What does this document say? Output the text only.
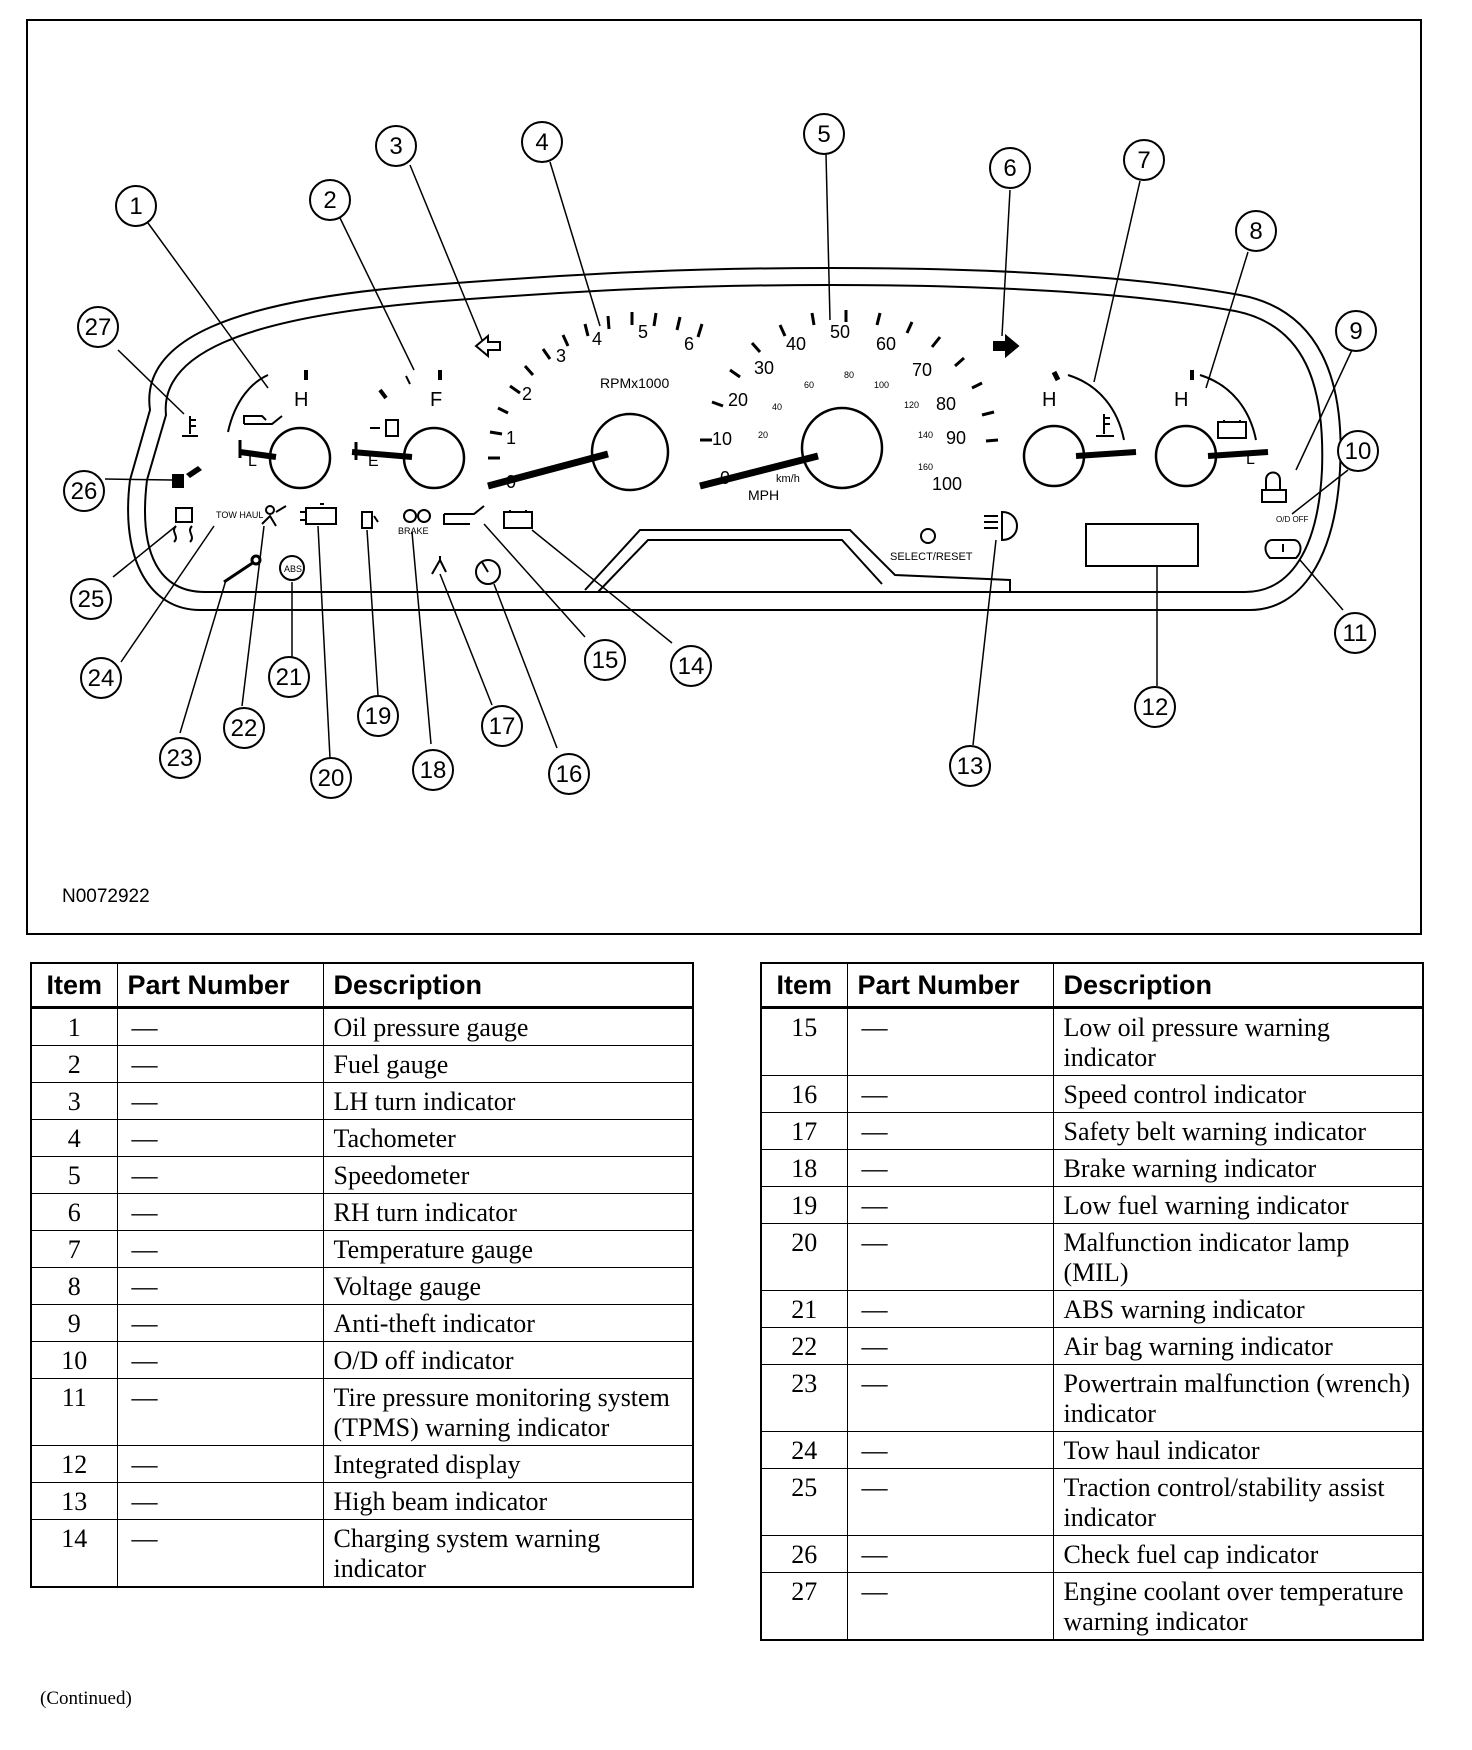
RPMx1000
0
1
2
3
4 5
6
MPH
km/h
0
10
20
30
40
50
60
70
80
90
100
20
40
60
80
100
120
140
160
H
L
F
E
H	H
L
TOW HAUL
ABS
BRAKE
SELECT/RESET
O/D OFF
1	2
3	4	5
6	7
8
9
10
11
12
13
14
15
16
17
18
19
20
21
22
23
24
25
26
27
N0072922
Item	Part Number	Description
1	—	Oil pressure gauge
2	—	Fuel gauge
3	—	LH turn indicator
4	—	Tachometer
5	—	Speedometer
6	—	RH turn indicator
7	—	Temperature gauge
8	—	Voltage gauge
9	—	Anti-theft indicator
10	—	O/D off indicator
11	—	Tire pressure monitoring system (TPMS) warning indicator
12	—	Integrated display
13	—	High beam indicator
14	—	Charging system warning indicator
Item	Part Number	Description
15	—	Low oil pressure warning indicator
16	—	Speed control indicator
17	—	Safety belt warning indicator
18	—	Brake warning indicator
19	—	Low fuel warning indicator
20	—	Malfunction indicator lamp (MIL)
21	—	ABS warning indicator
22	—	Air bag warning indicator
23	—	Powertrain malfunction (wrench) indicator
24	—	Tow haul indicator
25	—	Traction control/stability assist indicator
26	—	Check fuel cap indicator
27	—	Engine coolant over temperature warning indicator
(Continued)
